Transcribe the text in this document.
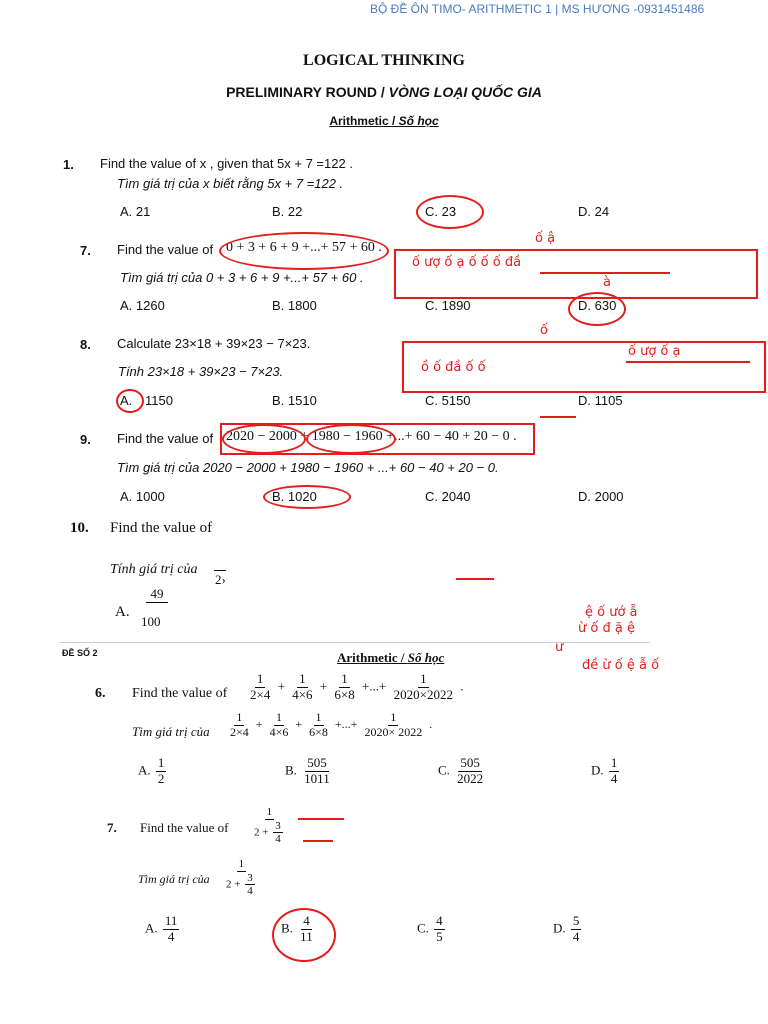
BỘ ĐỀ ÔN TIMO- ARITHMETIC 1 | MS HƯƠNG -0931451486
LOGICAL THINKING
PRELIMINARY ROUND / VÒNG LOẠI QUỐC GIA
Arithmetic / Số học
1. Find the value of x , given that 5x + 7 =122 .
Tìm giá trị của x biết rằng 5x + 7 =122 .
A. 21	B. 22	C. 23	D. 24
7. Find the value of 0 + 3 + 6 + 9 +...+ 57 + 60 .
Tìm giá trị của 0 + 3 + 6 + 9 +...+ 57 + 60 .
A. 1260	B. 1800	C. 1890	D. 630
ố ậ
ố ượ ố ạ ố ố ố đầ
à
8. Calculate 23×18 + 39×23 − 7×23.
Tính 23×18 + 39×23 − 7×23.
A. 1150	B. 1510	C. 5150	D. 1105
ố
ố ượ ố ạ
ồ ố đầ ố ố
9. Find the value of 2020 − 2000 + 1980 − 1960 +...+ 60 − 40 + 20 − 0 .
Tìm giá trị của 2020 − 2000 + 1980 − 1960 + ...+ 60 − 40 + 20 − 0.
A. 1000	B. 1020	C. 2040	D. 2000
10. Find the value of
Tính giá trị của
2›
A.
49
100
ệ ố ướ ẫ
ừ ố đ ặ ệ
ư
đề ừ ố ệ ẫ ố
ĐỀ SỐ 2	Arithmetic / Số học
6. Find the value of $\frac{1}{2\times 4} + \frac{1}{4\times 6} + \frac{1}{6\times 8}$ +...+ $\frac{1}{2020\times 2022}$ .
Tìm giá trị của $\frac{1}{2\times 4} + \frac{1}{4\times 6} + \frac{1}{6\times 8}$ +...+ $\frac{1}{2020\times 2022}$ .
A. $\frac{1}{2}$	B. $\frac{505}{1011}$	C. $\frac{505}{2022}$	D. $\frac{1}{4}$
7. Find the value of $\frac{1}{2 + \frac{3}{4}}$
Tìm giá trị của $\frac{1}{2 + \frac{3}{4}}$
A. $\frac{11}{4}$	B. $\frac{4}{11}$	C. $\frac{4}{5}$	D. $\frac{5}{4}$
